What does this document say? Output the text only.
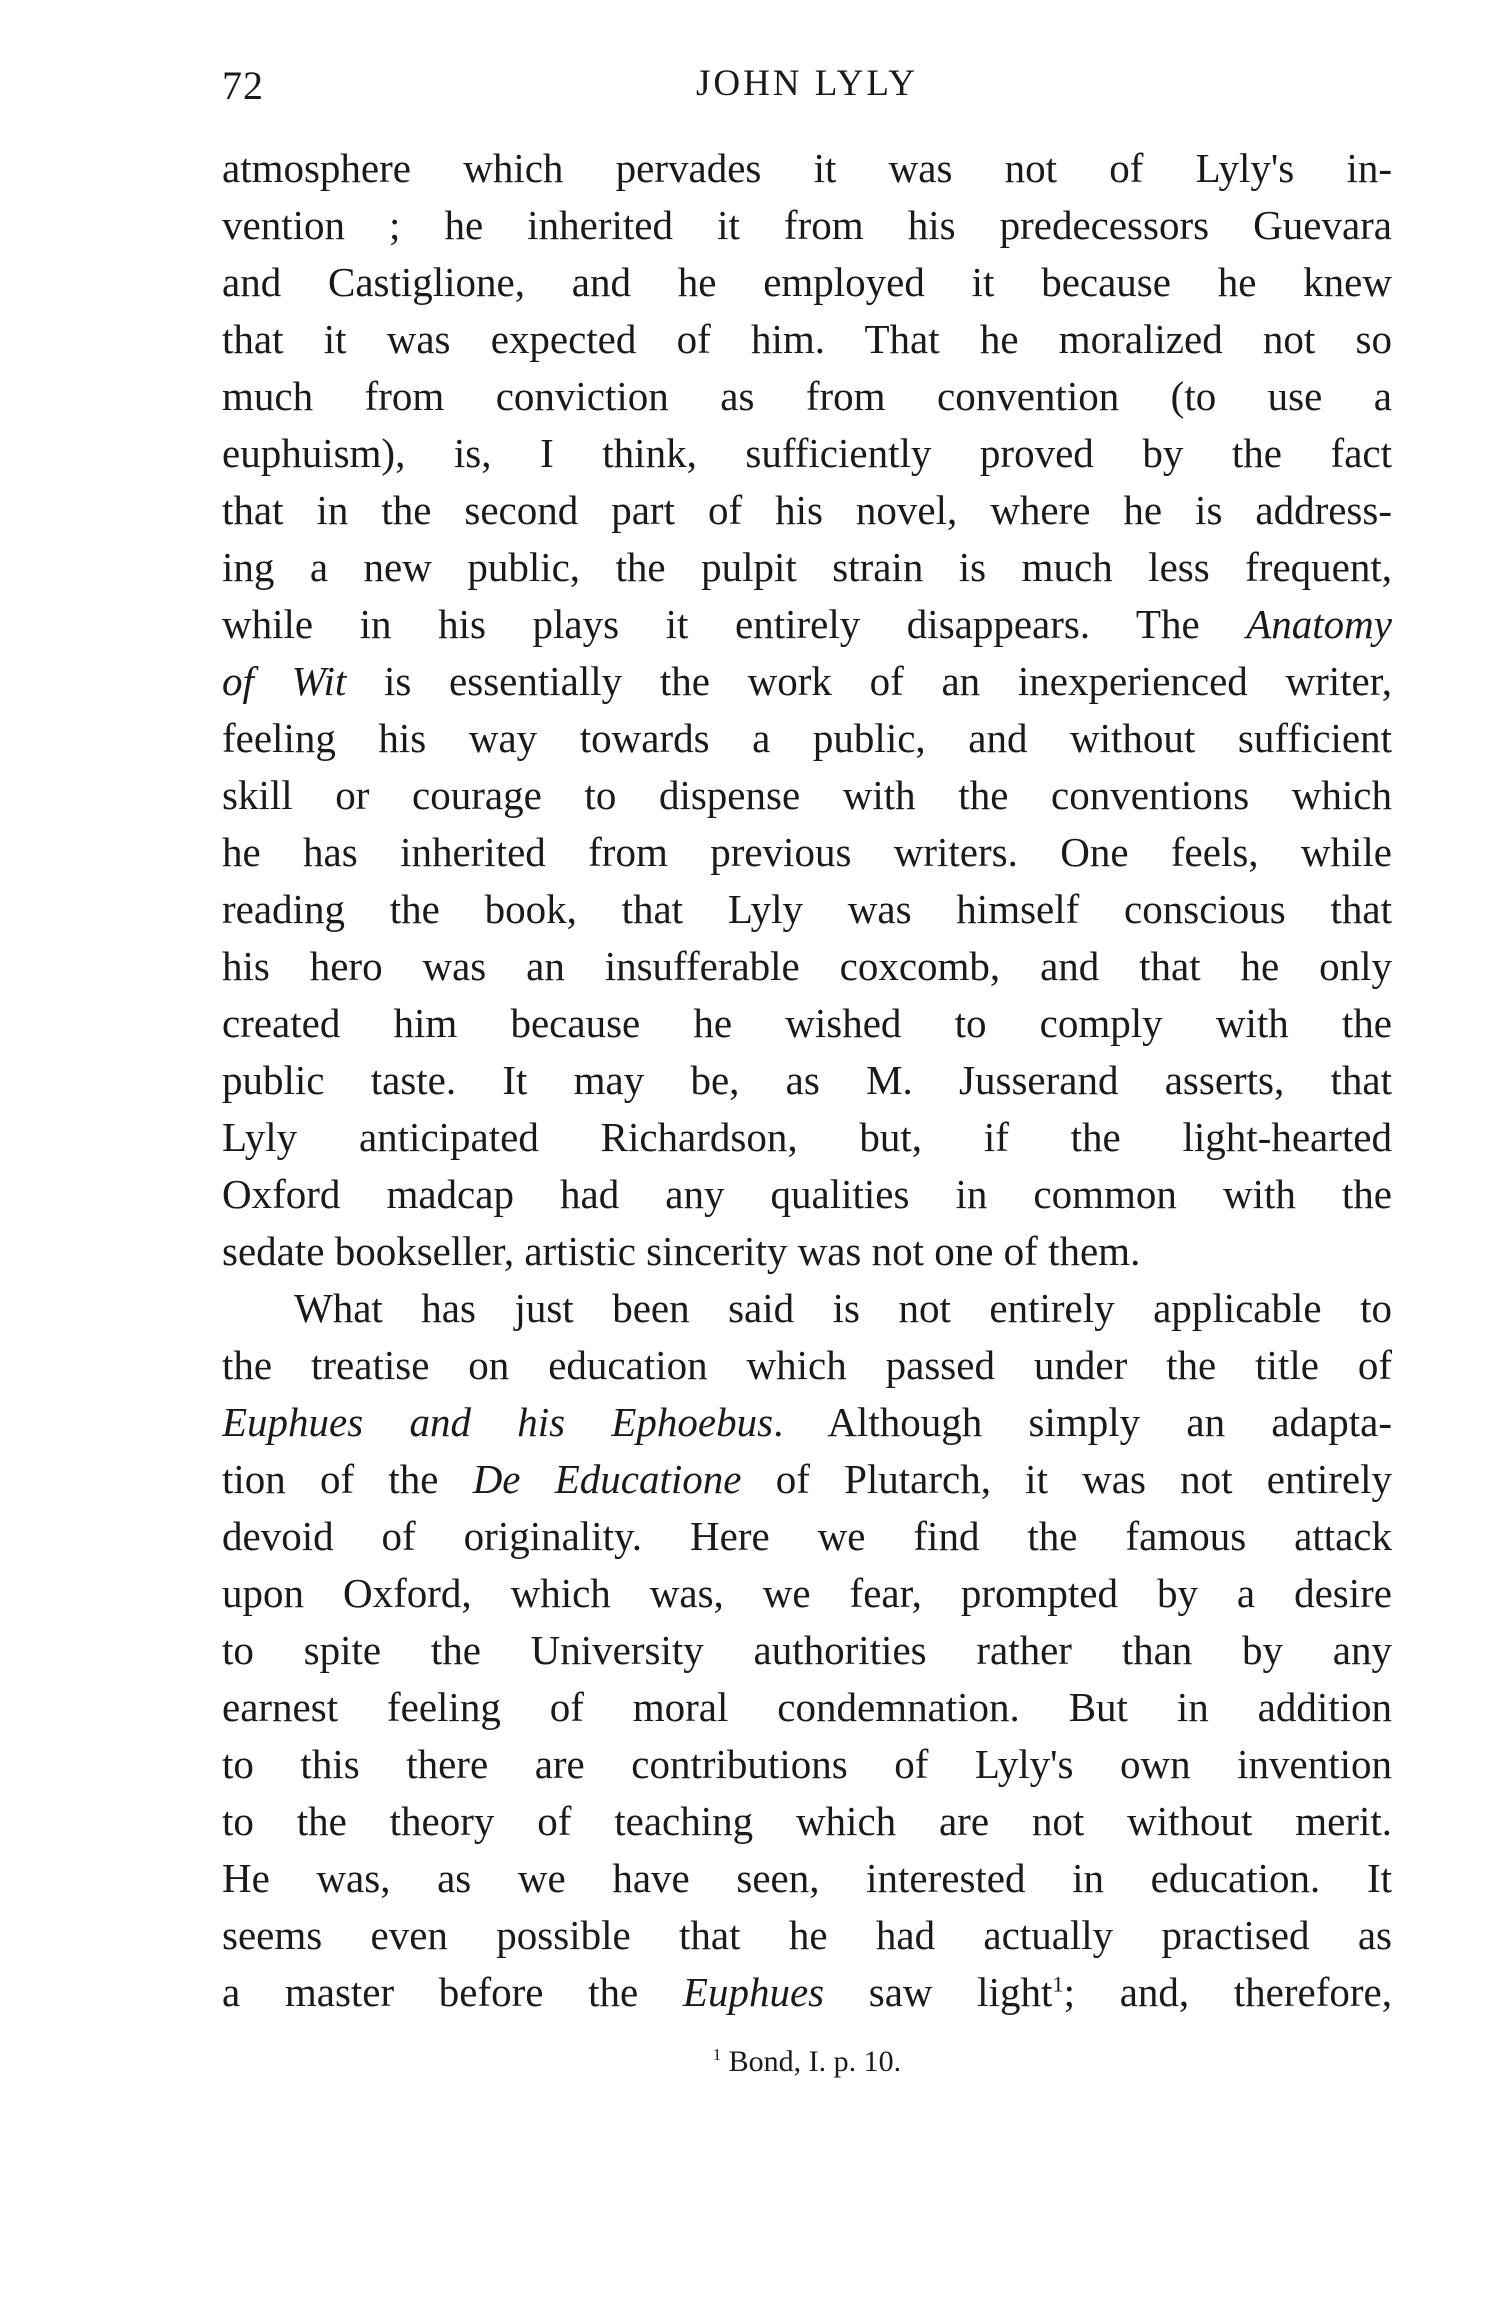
72	JOHN LYLY
atmosphere which pervades it was not of Lyly's in-
vention ; he inherited it from his predecessors Guevara
and Castiglione, and he employed it because he knew
that it was expected of him. That he moralized not so
much from conviction as from convention (to use a
euphuism), is, I think, sufficiently proved by the fact
that in the second part of his novel, where he is address-
ing a new public, the pulpit strain is much less frequent,
while in his plays it entirely disappears. The Anatomy
of Wit is essentially the work of an inexperienced writer,
feeling his way towards a public, and without sufficient
skill or courage to dispense with the conventions which
he has inherited from previous writers. One feels, while
reading the book, that Lyly was himself conscious that
his hero was an insufferable coxcomb, and that he only
created him because he wished to comply with the
public taste. It may be, as M. Jusserand asserts, that
Lyly anticipated Richardson, but, if the light-hearted
Oxford madcap had any qualities in common with the
sedate bookseller, artistic sincerity was not one of them.
What has just been said is not entirely applicable to
the treatise on education which passed under the title of
Euphues and his Ephoebus. Although simply an adapta-
tion of the De Educatione of Plutarch, it was not entirely
devoid of originality. Here we find the famous attack
upon Oxford, which was, we fear, prompted by a desire
to spite the University authorities rather than by any
earnest feeling of moral condemnation. But in addition
to this there are contributions of Lyly's own invention
to the theory of teaching which are not without merit.
He was, as we have seen, interested in education. It
seems even possible that he had actually practised as
a master before the Euphues saw light$^1$; and, therefore,
$^1$ Bond, I. p. 10.
